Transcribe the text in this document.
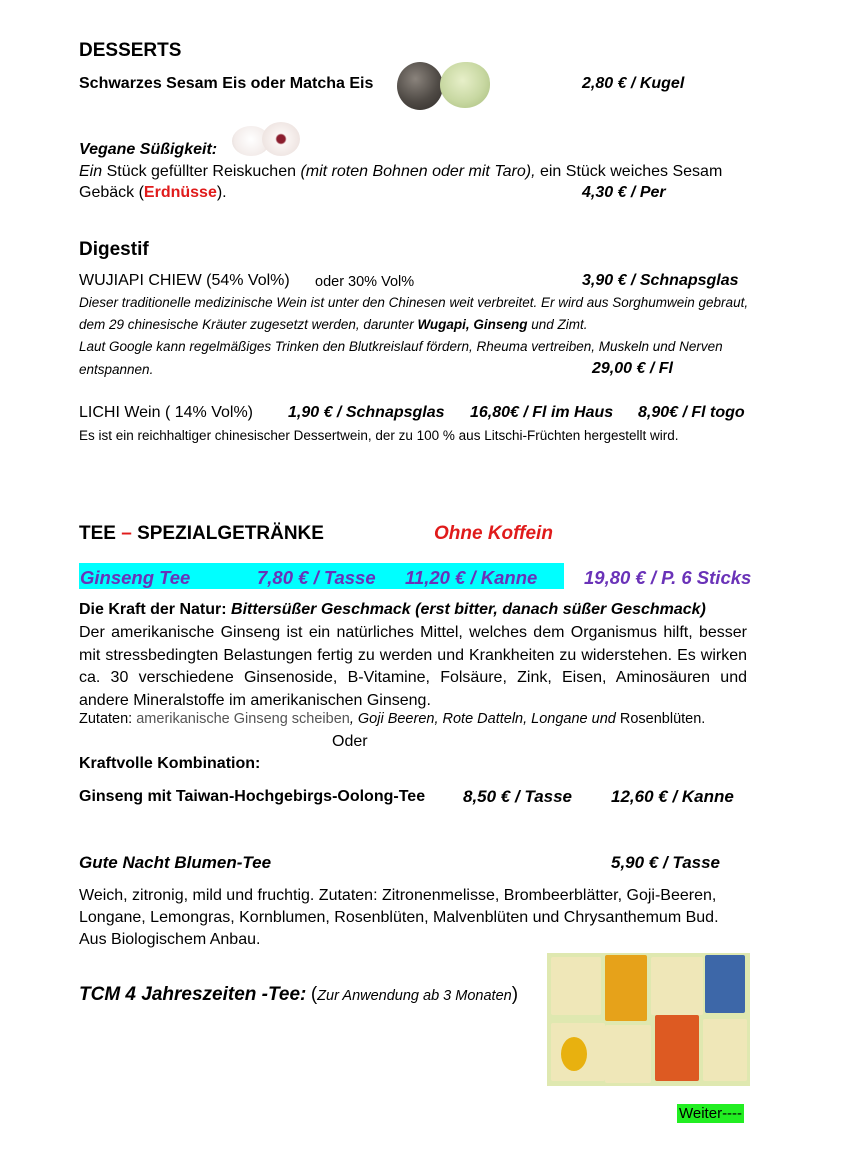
DESSERTS
Schwarzes Sesam Eis oder Matcha Eis	2,80 € / Kugel
Vegane Süßigkeit:
Ein Stück gefüllter Reiskuchen (mit roten Bohnen oder mit Taro), ein Stück weiches Sesam
Gebäck (Erdnüsse).	4,30 € / Per
Digestif
WUJIAPI CHIEW (54% Vol%) oder 30% Vol%	3,90 € / Schnapsglas
Dieser traditionelle medizinische Wein ist unter den Chinesen weit verbreitet. Er wird aus Sorghumwein gebraut,
dem 29 chinesische Kräuter zugesetzt werden, darunter Wugapi, Ginseng und Zimt.
Laut Google kann regelmäßiges Trinken den Blutkreislauf fördern, Rheuma vertreiben, Muskeln und Nerven
entspannen.	29,00 € / Fl
LICHI Wein ( 14% Vol%) 1,90 € / Schnapsglas 16,80€ / Fl im Haus 8,90€ / Fl togo
Es ist ein reichhaltiger chinesischer Dessertwein, der zu 100 % aus Litschi-Früchten hergestellt wird.
TEE – SPEZIALGETRÄNKE	Ohne Koffein
Ginseng Tee	7,80 € / Tasse 11,20 € / Kanne	19,80 € / P. 6 Sticks
Die Kraft der Natur: Bittersüßer Geschmack (erst bitter, danach süßer Geschmack)
Der amerikanische Ginseng ist ein natürliches Mittel, welches dem Organismus hilft, besser mit stressbedingten Belastungen fertig zu werden und Krankheiten zu widerstehen. Es wirken ca. 30 verschiedene Ginsenoside, B-Vitamine, Folsäure, Zink, Eisen, Aminosäuren und andere Mineralstoffe im amerikanischen Ginseng.
Zutaten: amerikanische Ginseng scheiben, Goji Beeren, Rote Datteln, Longane und Rosenblüten.
Oder
Kraftvolle Kombination:
Ginseng mit Taiwan-Hochgebirgs-Oolong-Tee 8,50 € / Tasse 12,60 € / Kanne
Gute Nacht Blumen-Tee	5,90 € / Tasse
Weich, zitronig, mild und fruchtig. Zutaten: Zitronenmelisse, Brombeerblätter, Goji-Beeren,
Longane, Lemongras, Kornblumen, Rosenblüten, Malvenblüten und Chrysanthemum Bud.
Aus Biologischem Anbau.
TCM 4 Jahreszeiten -Tee: (Zur Anwendung ab 3 Monaten)
Weiter----
